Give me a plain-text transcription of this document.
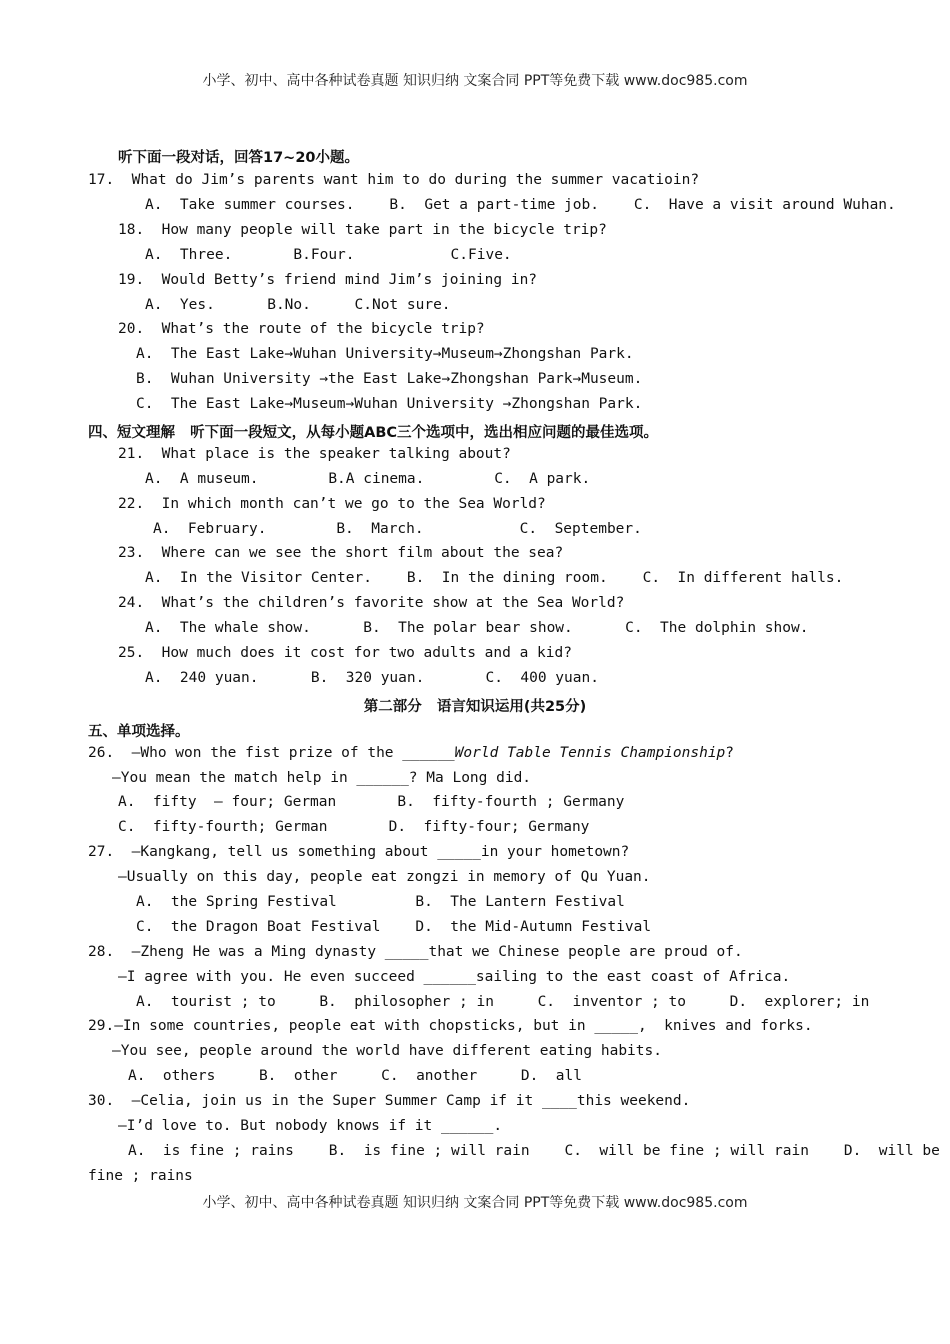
小学、初中、高中各种试卷真题 知识归纳 文案合同 PPT等免费下载 www.doc985.com
听下面一段对话，回答17~20小题。
17.  What do Jim’s parents want him to do during the summer vacatioin?
A.  Take summer courses.    B.  Get a part-time job.    C.  Have a visit around Wuhan.
18.  How many people will take part in the bicycle trip?
A.  Three.       B.Four.           C.Five.
19.  Would Betty’s friend mind Jim’s joining in?
A.  Yes.      B.No.     C.Not sure.
20.  What’s the route of the bicycle trip?
A.  The East Lake→Wuhan University→Museum→Zhongshan Park.
B.  Wuhan University →the East Lake→Zhongshan Park→Museum.
C.  The East Lake→Museum→Wuhan University →Zhongshan Park.
四、短文理解   听下面一段短文，从每小题ABC三个选项中，选出相应问题的最佳选项。
21.  What place is the speaker talking about?
A.  A museum.        B.A cinema.        C.  A park.
22.  In which month can’t we go to the Sea World?
A.  February.        B.  March.           C.  September.
23.  Where can we see the short film about the sea?
A.  In the Visitor Center.    B.  In the dining room.    C.  In different halls.
24.  What’s the children’s favorite show at the Sea World?
A.  The whale show.      B.  The polar bear show.      C.  The dolphin show.
25.  How much does it cost for two adults and a kid?
A.  240 yuan.      B.  320 yuan.       C.  400 yuan.
第二部分   语言知识运用(共25分)
五、单项选择。
26.  —Who won the fist prize of the ______World Table Tennis Championship?
—You mean the match help in ______? Ma Long did.
A.  fifty  – four; German       B.  fifty-fourth ; Germany
C.  fifty-fourth; German       D.  fifty-four; Germany
27.  —Kangkang, tell us something about _____in your hometown?
—Usually on this day, people eat zongzi in memory of Qu Yuan.
A.  the Spring Festival         B.  The Lantern Festival
C.  the Dragon Boat Festival    D.  the Mid-Autumn Festival
28.  —Zheng He was a Ming dynasty _____that we Chinese people are proud of.
—I agree with you. He even succeed ______sailing to the east coast of Africa.
A.  tourist ; to     B.  philosopher ; in     C.  inventor ; to     D.  explorer; in
29.—In some countries, people eat with chopsticks, but in _____,  knives and forks.
—You see, people around the world have different eating habits.
A.  others     B.  other     C.  another     D.  all
30.  —Celia, join us in the Super Summer Camp if it ____this weekend.
—I’d love to. But nobody knows if it ______.
A.  is fine ; rains    B.  is fine ; will rain    C.  will be fine ; will rain    D.  will be
fine ; rains
小学、初中、高中各种试卷真题 知识归纳 文案合同 PPT等免费下载 www.doc985.com
